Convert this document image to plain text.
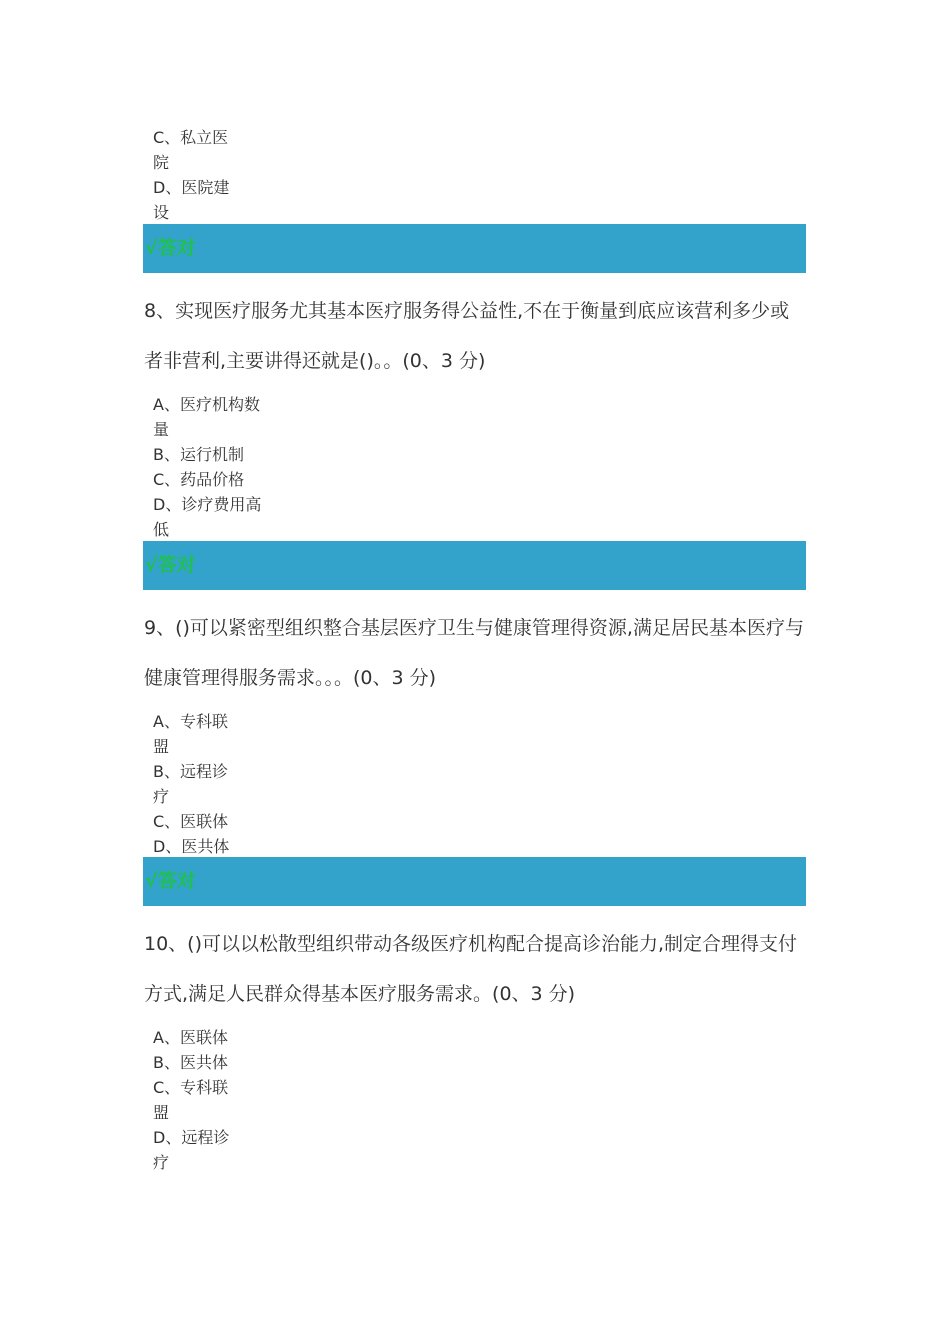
C、私立医院
D、医院建设
√答对
8、实现医疗服务尤其基本医疗服务得公益性,不在于衡量到底应该营利多少或
者非营利,主要讲得还就是()。。(0、3 分)
A、医疗机构数量
B、运行机制
C、药品价格
D、诊疗费用高低
√答对
9、()可以紧密型组织整合基层医疗卫生与健康管理得资源,满足居民基本医疗与
健康管理得服务需求。。。(0、3 分)
A、专科联盟
B、远程诊疗
C、医联体
D、医共体
√答对
10、()可以以松散型组织带动各级医疗机构配合提高诊治能力,制定合理得支付
方式,满足人民群众得基本医疗服务需求。(0、3 分)
A、医联体
B、医共体
C、专科联盟
D、远程诊疗
